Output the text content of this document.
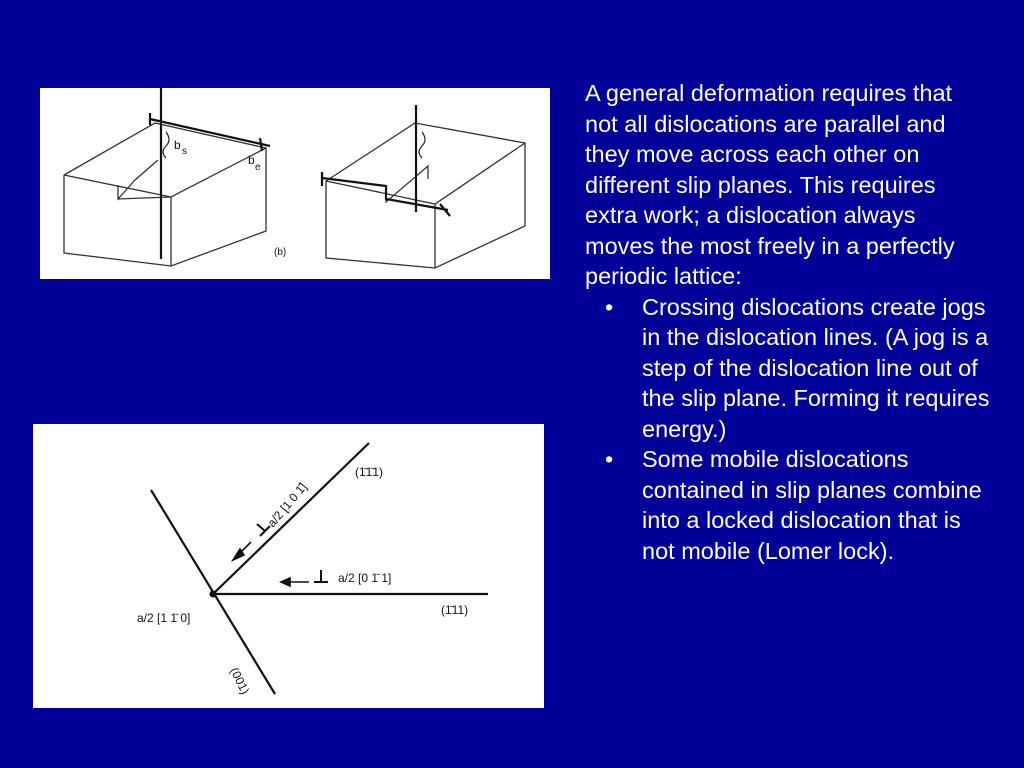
b s
b
e
(b)
(1̄1̄1)
a/2 [1 0 1̄]
a/2 [0 1̄ 1]
(1̄11)
a/2 [1 1̄ 0]
(001)

A general deformation requires that not all dislocations are parallel and they move across each other on different slip planes. This requires extra work; a dislocation always moves the most freely in a perfectly periodic lattice:

• Crossing dislocations create jogs in the dislocation lines. (A jog is a step of the dislocation line out of the slip plane. Forming it requires energy.)
• Some mobile dislocations contained in slip planes combine into a locked dislocation that is not mobile (Lomer lock).
